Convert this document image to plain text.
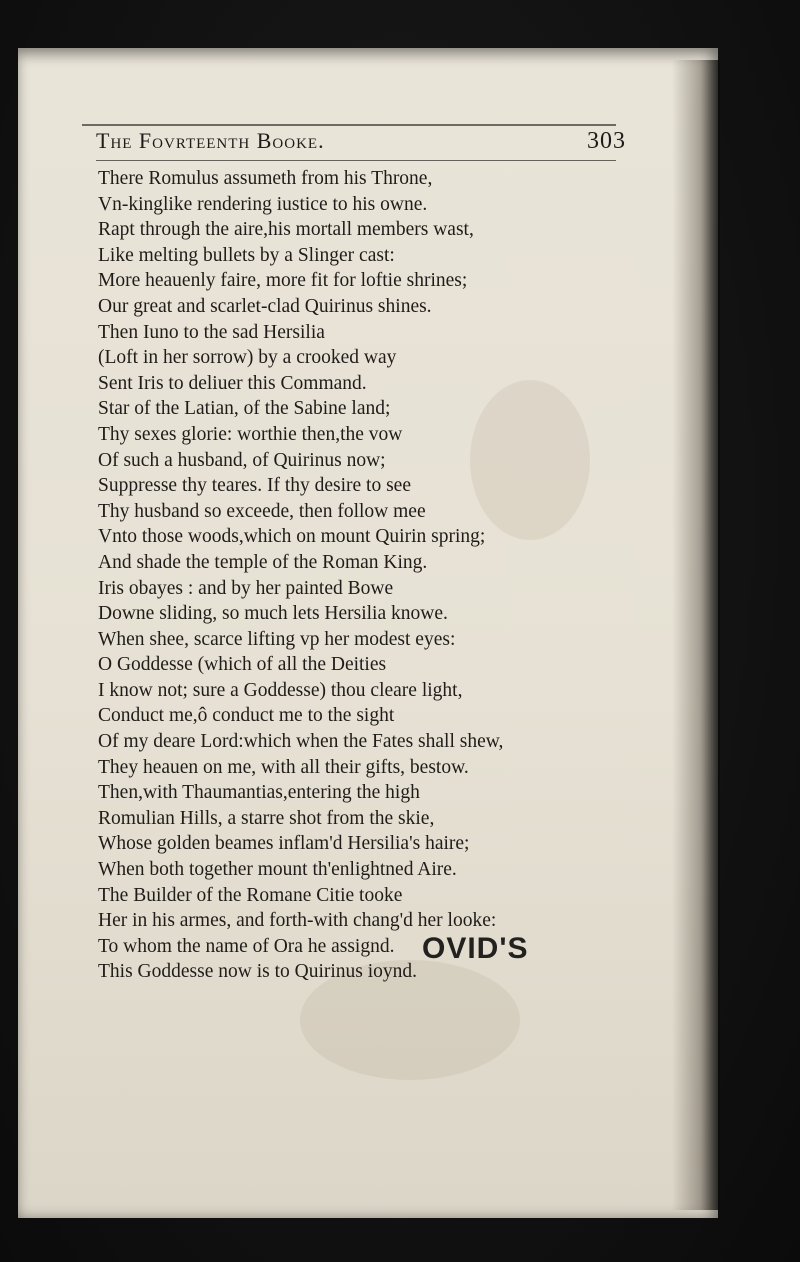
The Fovrteenth Booke.	303
There Romulus assumeth from his Throne,
Vn-kinglike rendering iustice to his owne.
Rapt through the aire,his mortall members wast,
Like melting bullets by a Slinger cast:
More heauenly faire, more fit for loftie shrines;
Our great and scarlet-clad Quirinus shines.
Then Iuno to the sad Hersilia
(Loft in her sorrow) by a crooked way
Sent Iris to deliuer this Command.
Star of the Latian, of the Sabine land;
Thy sexes glorie: worthie then,the vow
Of such a husband, of Quirinus now;
Suppresse thy teares. If thy desire to see
Thy husband so exceede, then follow mee
Vnto those woods,which on mount Quirin spring;
And shade the temple of the Roman King.
Iris obayes : and by her painted Bowe
Downe sliding, so much lets Hersilia knowe.
When shee, scarce lifting vp her modest eyes:
O Goddesse (which of all the Deities
I know not; sure a Goddesse) thou cleare light,
Conduct me,ô conduct me to the sight
Of my deare Lord:which when the Fates shall shew,
They heauen on me, with all their gifts, bestow.
Then,with Thaumantias,entering the high
Romulian Hills, a starre shot from the skie,
Whose golden beames inflam'd Hersilia's haire;
When both together mount th'enlightned Aire.
The Builder of the Romane Citie tooke
Her in his armes, and forth-with chang'd her looke:
To whom the name of Ora he assignd.
This Goddesse now is to Quirinus ioynd.
OVID'S
